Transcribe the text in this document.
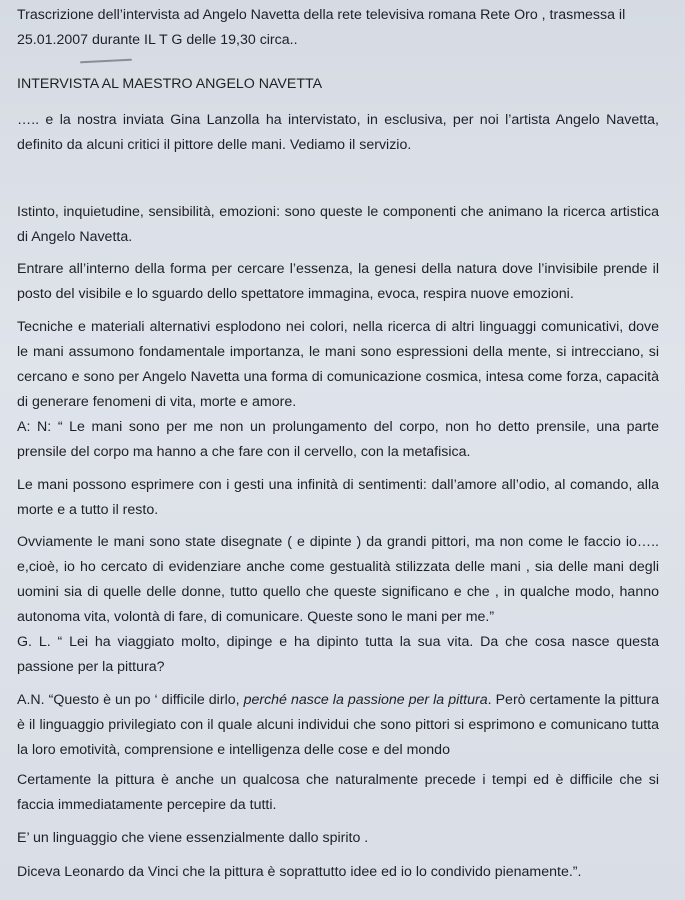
Trascrizione dell’intervista ad Angelo Navetta della rete televisiva romana Rete Oro , trasmessa il

25.01.2007 durante IL T G delle 19,30 circa..

INTERVISTA AL MAESTRO ANGELO NAVETTA

….. e la nostra inviata Gina Lanzolla ha intervistato, in esclusiva, per noi l’artista Angelo Navetta, definito da alcuni critici il pittore delle mani. Vediamo il servizio.

Istinto, inquietudine, sensibilità, emozioni: sono queste le componenti che animano la ricerca artistica di Angelo Navetta.

Entrare all’interno della forma per cercare l’essenza, la genesi della natura dove l’invisibile prende il posto del visibile e lo sguardo dello spettatore immagina, evoca, respira nuove emozioni.

Tecniche e materiali alternativi esplodono nei colori, nella ricerca di altri linguaggi comunicativi, dove le mani assumono fondamentale importanza, le mani sono espressioni della mente, si intrecciano, si cercano e sono per Angelo Navetta una forma di comunicazione cosmica, intesa come forza, capacità di generare fenomeni di vita, morte e amore.

A: N: “ Le mani sono per me non un prolungamento del corpo, non ho detto prensile, una parte prensile del corpo ma hanno a che fare con il cervello, con la metafisica.

Le mani possono esprimere con i gesti una infinità di sentimenti: dall’amore all’odio, al comando, alla morte e a tutto il resto.

Ovviamente le mani sono state disegnate ( e dipinte ) da grandi pittori, ma non come le faccio io….. e,cioè, io ho cercato di evidenziare anche come gestualità stilizzata delle mani , sia delle mani degli uomini sia di quelle delle donne, tutto quello che queste significano e che , in qualche modo, hanno autonoma vita, volontà di fare, di comunicare. Queste sono le mani per me.”

G. L. “ Lei ha viaggiato molto, dipinge e ha dipinto tutta la sua vita. Da che cosa nasce questa passione per la pittura?

A.N. “Questo è un po ‘ difficile dirlo, perché nasce la passione per la pittura. Però certamente la pittura è il linguaggio privilegiato con il quale alcuni individui che sono pittori si esprimono e comunicano tutta la loro emotività, comprensione e intelligenza delle cose e del mondo

Certamente la pittura è anche un qualcosa che naturalmente precede i tempi ed è difficile che si faccia immediatamente percepire da tutti.

E’ un linguaggio che viene essenzialmente dallo spirito .

Diceva Leonardo da Vinci che la pittura è soprattutto idee ed io lo condivido pienamente.”.
